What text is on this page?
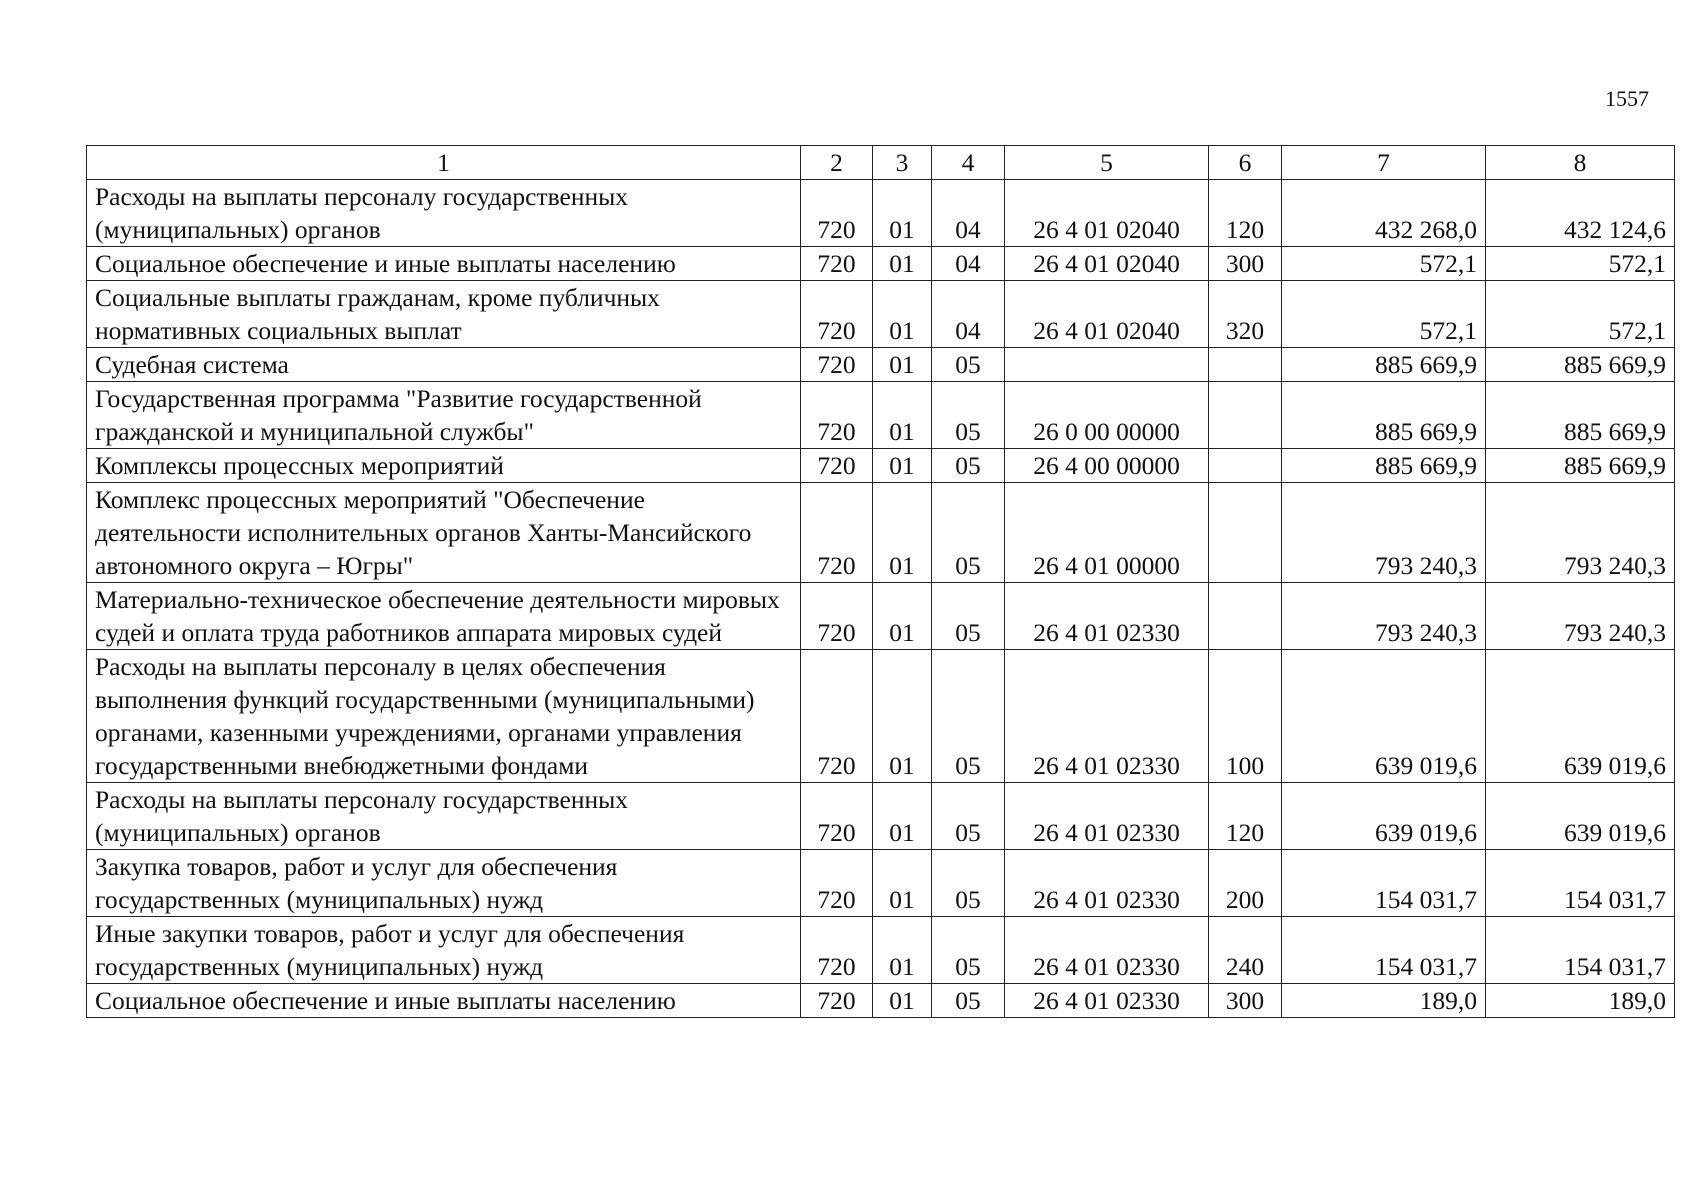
1557
1	2	3	4	5	6	7	8
Расходы на выплаты персоналу государственных (муниципальных) органов	720	01	04	26 4 01 02040	120	432 268,0	432 124,6
Социальное обеспечение и иные выплаты населению	720	01	04	26 4 01 02040	300	572,1	572,1
Социальные выплаты гражданам, кроме публичных нормативных социальных выплат	720	01	04	26 4 01 02040	320	572,1	572,1
Судебная система	720	01	05			885 669,9	885 669,9
Государственная программа "Развитие государственной гражданской и муниципальной службы"	720	01	05	26 0 00 00000		885 669,9	885 669,9
Комплексы процессных мероприятий	720	01	05	26 4 00 00000		885 669,9	885 669,9
Комплекс процессных мероприятий "Обеспечение деятельности исполнительных органов Ханты-Мансийского автономного округа – Югры"	720	01	05	26 4 01 00000		793 240,3	793 240,3
Материально-техническое обеспечение деятельности мировых судей и оплата труда работников аппарата мировых судей	720	01	05	26 4 01 02330		793 240,3	793 240,3
Расходы на выплаты персоналу в целях обеспечения выполнения функций государственными (муниципальными) органами, казенными учреждениями, органами управления государственными внебюджетными фондами	720	01	05	26 4 01 02330	100	639 019,6	639 019,6
Расходы на выплаты персоналу государственных (муниципальных) органов	720	01	05	26 4 01 02330	120	639 019,6	639 019,6
Закупка товаров, работ и услуг для обеспечения государственных (муниципальных) нужд	720	01	05	26 4 01 02330	200	154 031,7	154 031,7
Иные закупки товаров, работ и услуг для обеспечения государственных (муниципальных) нужд	720	01	05	26 4 01 02330	240	154 031,7	154 031,7
Социальное обеспечение и иные выплаты населению	720	01	05	26 4 01 02330	300	189,0	189,0
